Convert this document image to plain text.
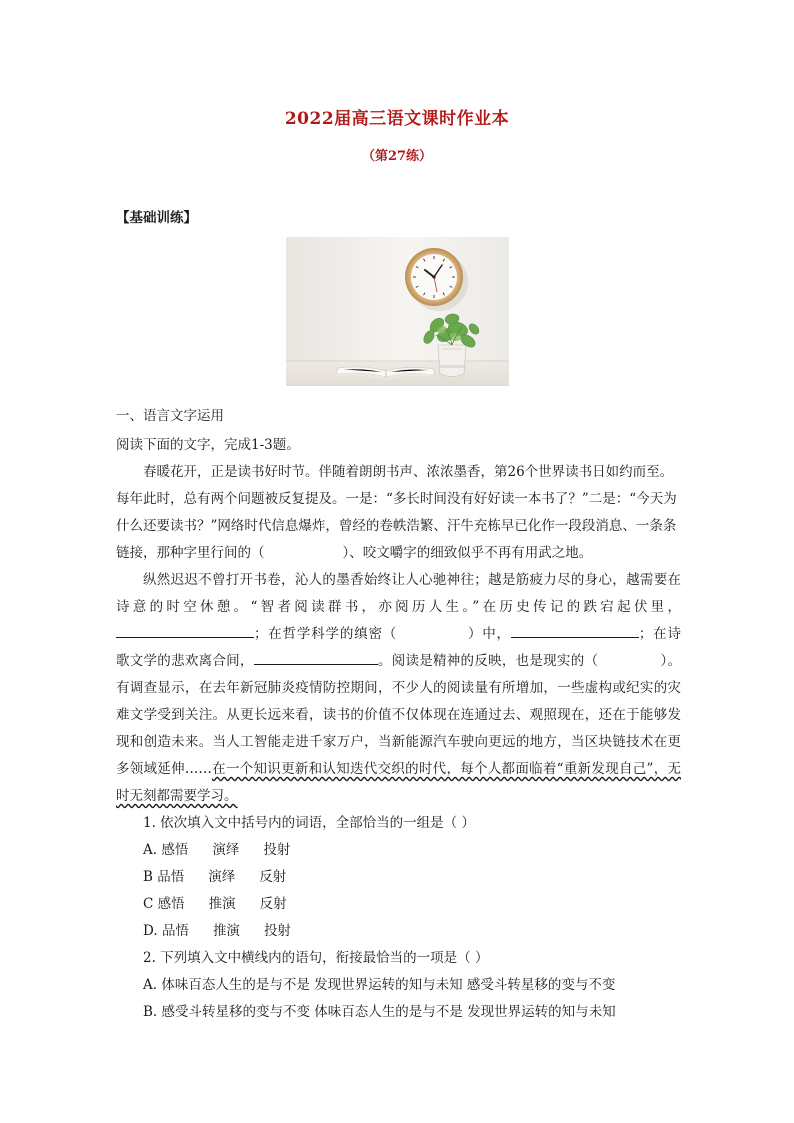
2022届高三语文课时作业本
（第27练）
【基础训练】
一、语言文字运用

阅读下面的文字，完成1-3题。

春暖花开，正是读书好时节。伴随着朗朗书声、浓浓墨香，第26个世界读书日如约而至。每年此时，总有两个问题被反复提及。一是：“多长时间没有好好读一本书了？”二是：“今天为什么还要读书？”网络时代信息爆炸，曾经的卷帙浩繁、汗牛充栋早已化作一段段消息、一条条链接，那种字里行间的（	）、咬文嚼字的细致似乎不再有用武之地。

纵然迟迟不曾打开书卷，沁人的墨香始终让人心驰神往；越是筋疲力尽的身心，越需要在诗意的时空休憩。“智者阅读群书，亦阅历人生。”在历史传记的跌宕起伏里，；在哲学科学的缜密（	）中，	；在诗歌文学的悲欢离合间，	。阅读是精神的反映，也是现实的（	）。有调查显示，在去年新冠肺炎疫情防控期间，不少人的阅读量有所增加，一些虚构或纪实的灾难文学受到关注。从更长远来看，读书的价值不仅体现在连通过去、观照现在，还在于能够发现和创造未来。当人工智能走进千家万户，当新能源汽车驶向更远的地方，当区块链技术在更多领域延伸……在一个知识更新和认知迭代交织的时代，每个人都面临着“重新发现自己”，无时无刻都需要学习。

1. 依次填入文中括号内的词语，全部恰当的一组是（ ）

A. 感悟 演绎 投射

B 品悟 演绎 反射

C 感悟 推演 反射

D. 品悟 推演 投射

2. 下列填入文中横线内的语句，衔接最恰当的一项是（ ）

A. 体味百态人生的是与不是 发现世界运转的知与未知 感受斗转星移的变与不变

B. 感受斗转星移的变与不变 体味百态人生的是与不是 发现世界运转的知与未知
